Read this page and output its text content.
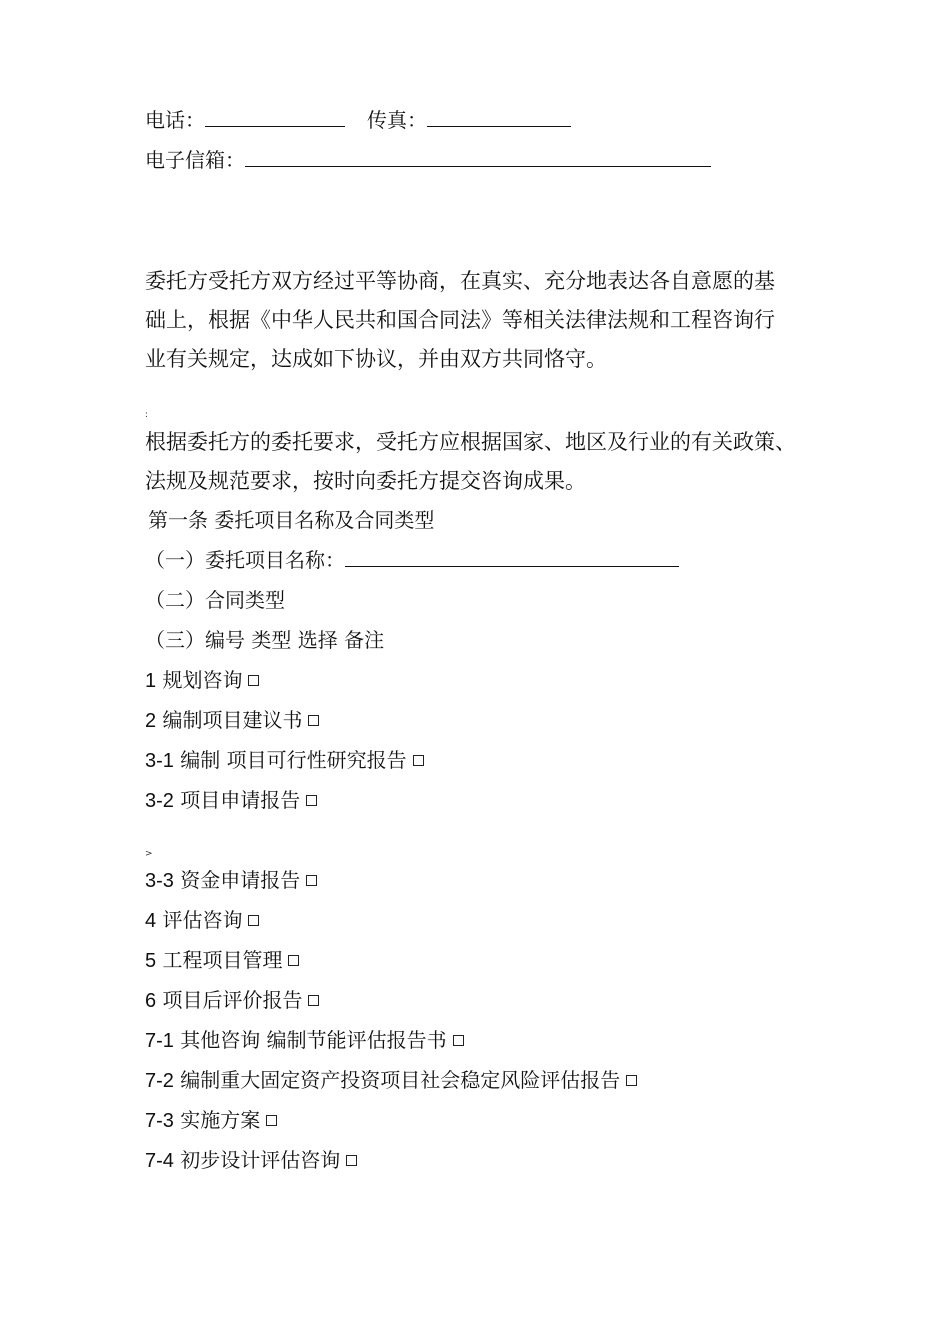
电话：	传真：
电子信箱：
委托方受托方双方经过平等协商，在真实、充分地表达各自意愿的基
础上，根据《中华人民共和国合同法》等相关法律法规和工程咨询行
业有关规定，达成如下协议，并由双方共同恪守。
:
根据委托方的委托要求，受托方应根据国家、地区及行业的有关政策、
法规及规范要求，按时向委托方提交咨询成果。
第一条 委托项目名称及合同类型
（一）委托项目名称：
（二）合同类型
（三）编号 类型 选择 备注
1 规划咨询
2 编制项目建议书
3-1 编制 项目可行性研究报告
3-2 项目申请报告
>
3-3 资金申请报告
4 评估咨询
5 工程项目管理
6 项目后评价报告
7-1 其他咨询 编制节能评估报告书
7-2 编制重大固定资产投资项目社会稳定风险评估报告
7-3 实施方案
7-4 初步设计评估咨询
